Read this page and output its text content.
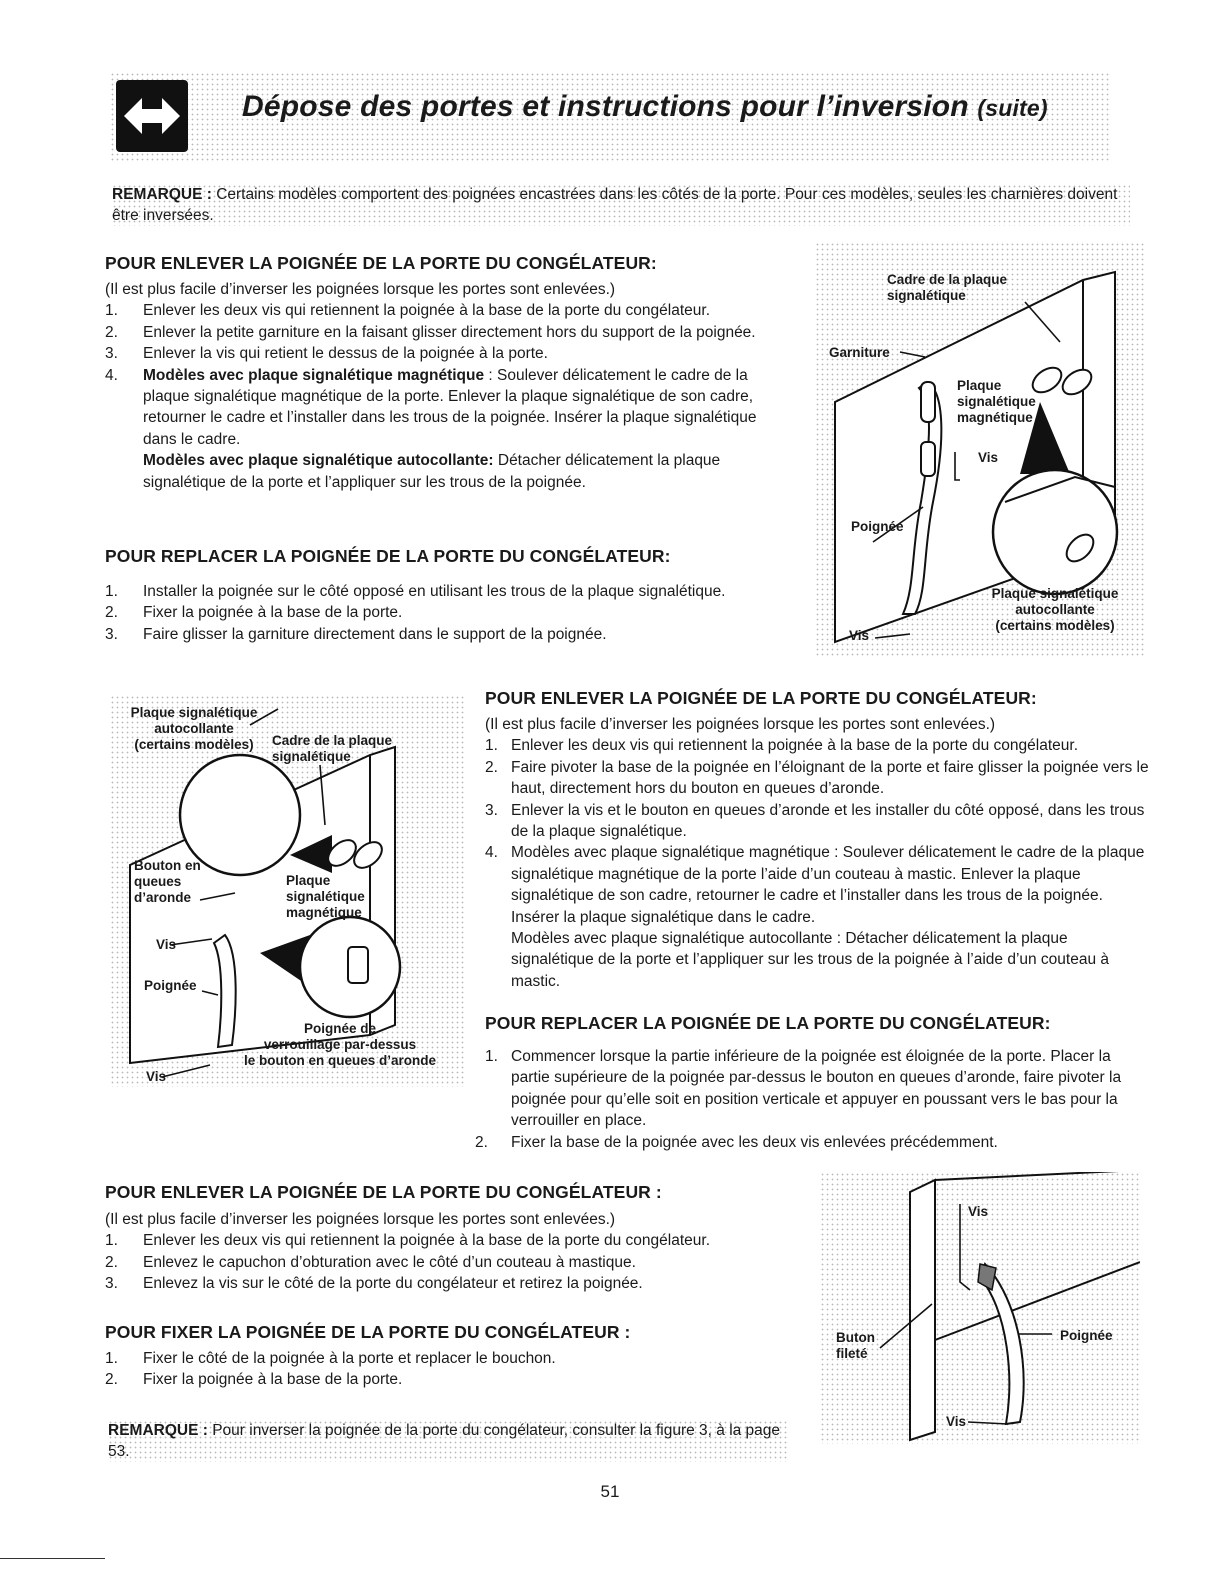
Dépose des portes et instructions pour l’inversion (suite)
REMARQUE : Certains modèles comportent des poignées encastrées dans les côtés de la porte. Pour ces modèles, seules les charnières doivent être inversées.
POUR ENLEVER LA POIGNÉE DE LA PORTE DU CONGÉLATEUR:

(Il est plus facile d’inverser les poignées lorsque les portes sont enlevées.)

1.	Enlever les deux vis qui retiennent la poignée à la base de la porte du congélateur.
2.	Enlever la petite garniture en la faisant glisser directement hors du support de la poignée.
3.	Enlever la vis qui retient le dessus de la poignée à la porte.
4.	Modèles avec plaque signalétique magnétique : Soulever délicatement le cadre de la plaque signalétique magnétique de la porte. Enlever la plaque signalétique de son cadre, retourner le cadre et l’installer dans les trous de la poignée. Insérer la plaque signalétique dans le cadre.
Modèles avec plaque signalétique autocollante: Détacher délicatement la plaque signalétique de la porte et l’appliquer sur les trous de la poignée.
POUR REPLACER LA POIGNÉE DE LA PORTE DU CONGÉLATEUR:
1.	Installer la poignée sur le côté opposé en utilisant les trous de la plaque signalétique.
2.	Fixer la poignée à la base de la porte.
3.	Faire glisser la garniture directement dans le support de la poignée.
Cadre de la plaque
signalétique
Garniture
Plaque
signalétique
magnétique
Vis
Poignée
Plaque signalétique
autocollante
(certains modèles)
Vis
Plaque signalétique
autocollante
(certains modèles)	Cadre de la plaque
signalétique
Bouton en
queues
d’aronde
Plaque
signalétique
magnétique
Vis
Poignée
Poignée de
verrouillage par-dessus
le bouton en queues d’aronde
Vis
POUR ENLEVER LA POIGNÉE DE LA PORTE DU CONGÉLATEUR:

(Il est plus facile d’inverser les poignées lorsque les portes sont enlevées.)

1. Enlever les deux vis qui retiennent la poignée à la base de la porte du congélateur.
2. Faire pivoter la base de la poignée en l’éloignant de la porte et faire glisser la poignée vers le haut, directement hors du bouton en queues d’aronde.
3. Enlever la vis et le bouton en queues d’aronde et les installer du côté opposé, dans les trous de la plaque signalétique.
4. Modèles avec plaque signalétique magnétique : Soulever délicatement le cadre de la plaque signalétique magnétique de la porte l’aide d’un couteau à mastic. Enlever la plaque signalétique de son cadre, retourner le cadre et l’installer dans les trous de la poignée. Insérer la plaque signalétique dans le cadre.
Modèles avec plaque signalétique autocollante : Détacher délicatement la plaque signalétique de la porte et l’appliquer sur les trous de la poignée à l’aide d’un couteau à mastic.
POUR REPLACER LA POIGNÉE DE LA PORTE DU CONGÉLATEUR:
1. Commencer lorsque la partie inférieure de la poignée est éloignée de la porte. Placer la partie supérieure de la poignée par-dessus le bouton en queues d’aronde, faire pivoter la poignée pour qu’elle soit en position verticale et appuyer en poussant vers le bas pour la verrouiller en place.
2.	Fixer la base de la poignée avec les deux vis enlevées précédemment.
POUR ENLEVER LA POIGNÉE DE LA PORTE DU CONGÉLATEUR :

(Il est plus facile d’inverser les poignées lorsque les portes sont enlevées.)

1.	Enlever les deux vis qui retiennent la poignée à la base de la porte du congélateur.
2.	Enlevez le capuchon d’obturation avec le côté d’un couteau à mastique.
3.	Enlevez la vis sur le côté de la porte du congélateur et retirez la poignée.
POUR FIXER LA POIGNÉE DE LA PORTE DU CONGÉLATEUR :
1.	Fixer le côté de la poignée à la porte et replacer le bouchon.
2.	Fixer la poignée à la base de la porte.
REMARQUE : Pour inverser la poignée de la porte du congélateur, consulter la figure 3, à la page 53.
Vis
Buton
fileté
Poignée
Vis
51
